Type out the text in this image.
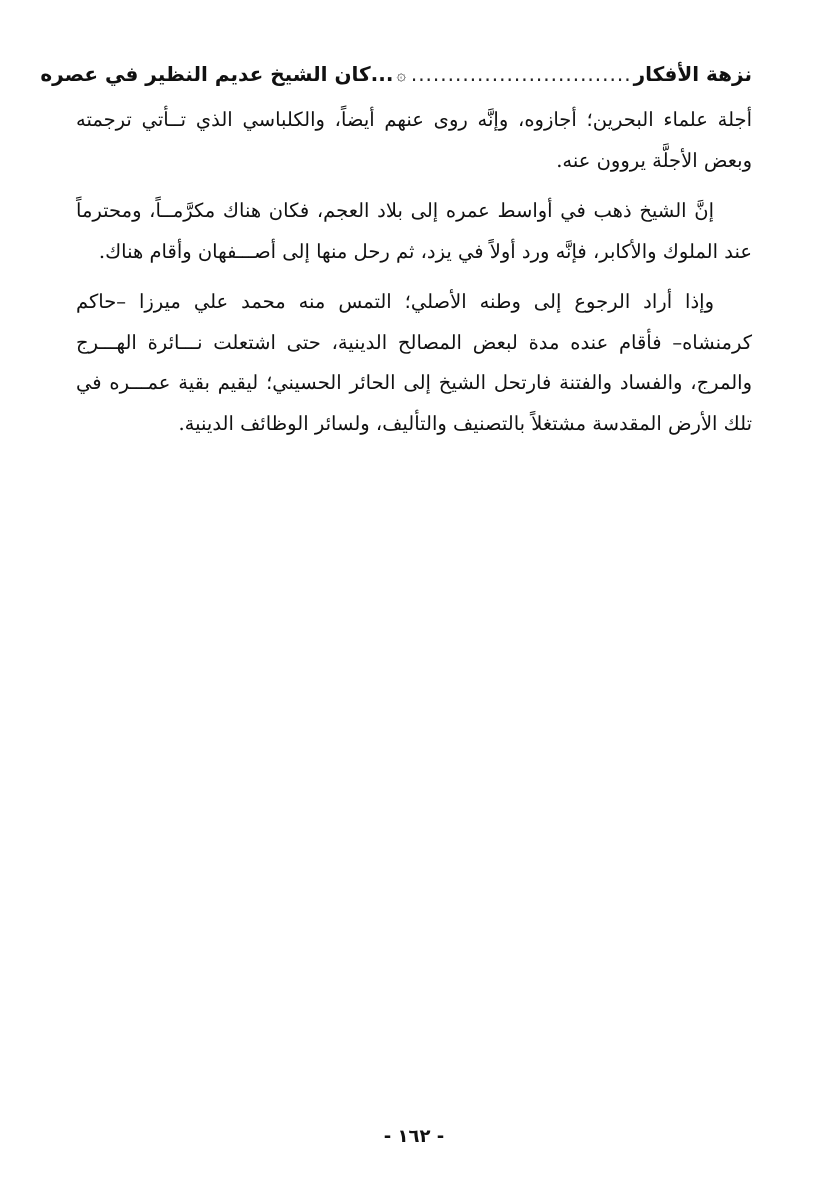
نزهة الأفكار
..............................
۞
...
كان الشيخ عديم النظير في عصره

أجلة علماء البحرين؛ أجازوه، وإنَّه روى عنهم أيضاً، والكلباسي الذي تــأتي ترجمته وبعض الأجلَّة يروون عنه.

إنَّ الشيخ ذهب في أواسط عمره إلى بلاد العجم، فكان هناك مكرَّمــاً، ومحترماً عند الملوك والأكابر، فإنَّه ورد أولاً في يزد، ثم رحل منها إلى أصـــفهان وأقام هناك.

وإذا أراد الرجوع إلى وطنه الأصلي؛ التمس منه محمد علي ميرزا –حاكم كرمنشاه– فأقام عنده مدة لبعض المصالح الدينية، حتى اشتعلت نـــائرة الهـــرج والمرج، والفساد والفتنة فارتحل الشيخ إلى الحائر الحسيني؛ ليقيم بقية عمـــره في تلك الأرض المقدسة مشتغلاً بالتصنيف والتأليف، ولسائر الوظائف الدينية.

- ١٦٢ -
